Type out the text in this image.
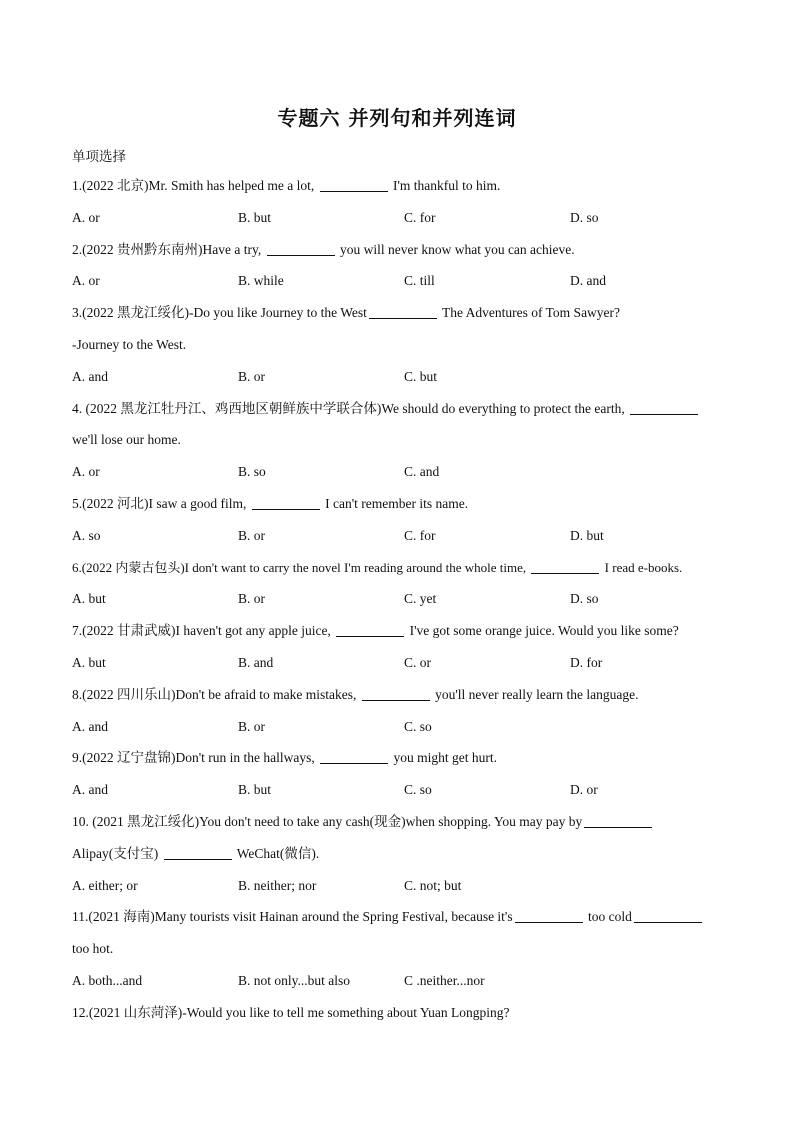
专题六 并列句和并列连词
单项选择
1.(2022 北京)Mr. Smith has helped me a lot,	I'm thankful to him.
A. or	B. but	C. for	D. so
2.(2022 贵州黔东南州)Have a try,	you will never know what you can achieve.
A. or	B. while	C. till	D. and
3.(2022 黑龙江绥化)-Do you like Journey to the West	The Adventures of Tom Sawyer?
-Journey to the West.
A. and	B. or	C. but
4. (2022 黑龙江牡丹江、鸡西地区朝鲜族中学联合体)We should do everything to protect the earth,
we'll lose our home.
A. or	B. so	C. and
5.(2022 河北)I saw a good film,	I can't remember its name.
A. so	B. or	C. for	D. but
6.(2022 内蒙古包头)I don't want to carry the novel I'm reading around the whole time,	I read e-books.
A. but	B. or	C. yet	D. so
7.(2022 甘肃武威)I haven't got any apple juice,	I've got some orange juice. Would you like some?
A. but	B. and	C. or	D. for
8.(2022 四川乐山)Don't be afraid to make mistakes,	you'll never really learn the language.
A. and	B. or	C. so
9.(2022 辽宁盘锦)Don't run in the hallways,	you might get hurt.
A. and	B. but	C. so	D. or
10. (2021 黑龙江绥化)You don't need to take any cash(现金)when shopping. You may pay by
Alipay(支付宝)	WeChat(微信).
A. either; or	B. neither; nor	C. not; but
11.(2021 海南)Many tourists visit Hainan around the Spring Festival, because it's	too cold
too hot.
A. both...and	B. not only...but also	C .neither...nor
12.(2021 山东菏泽)-Would you like to tell me something about Yuan Longping?
